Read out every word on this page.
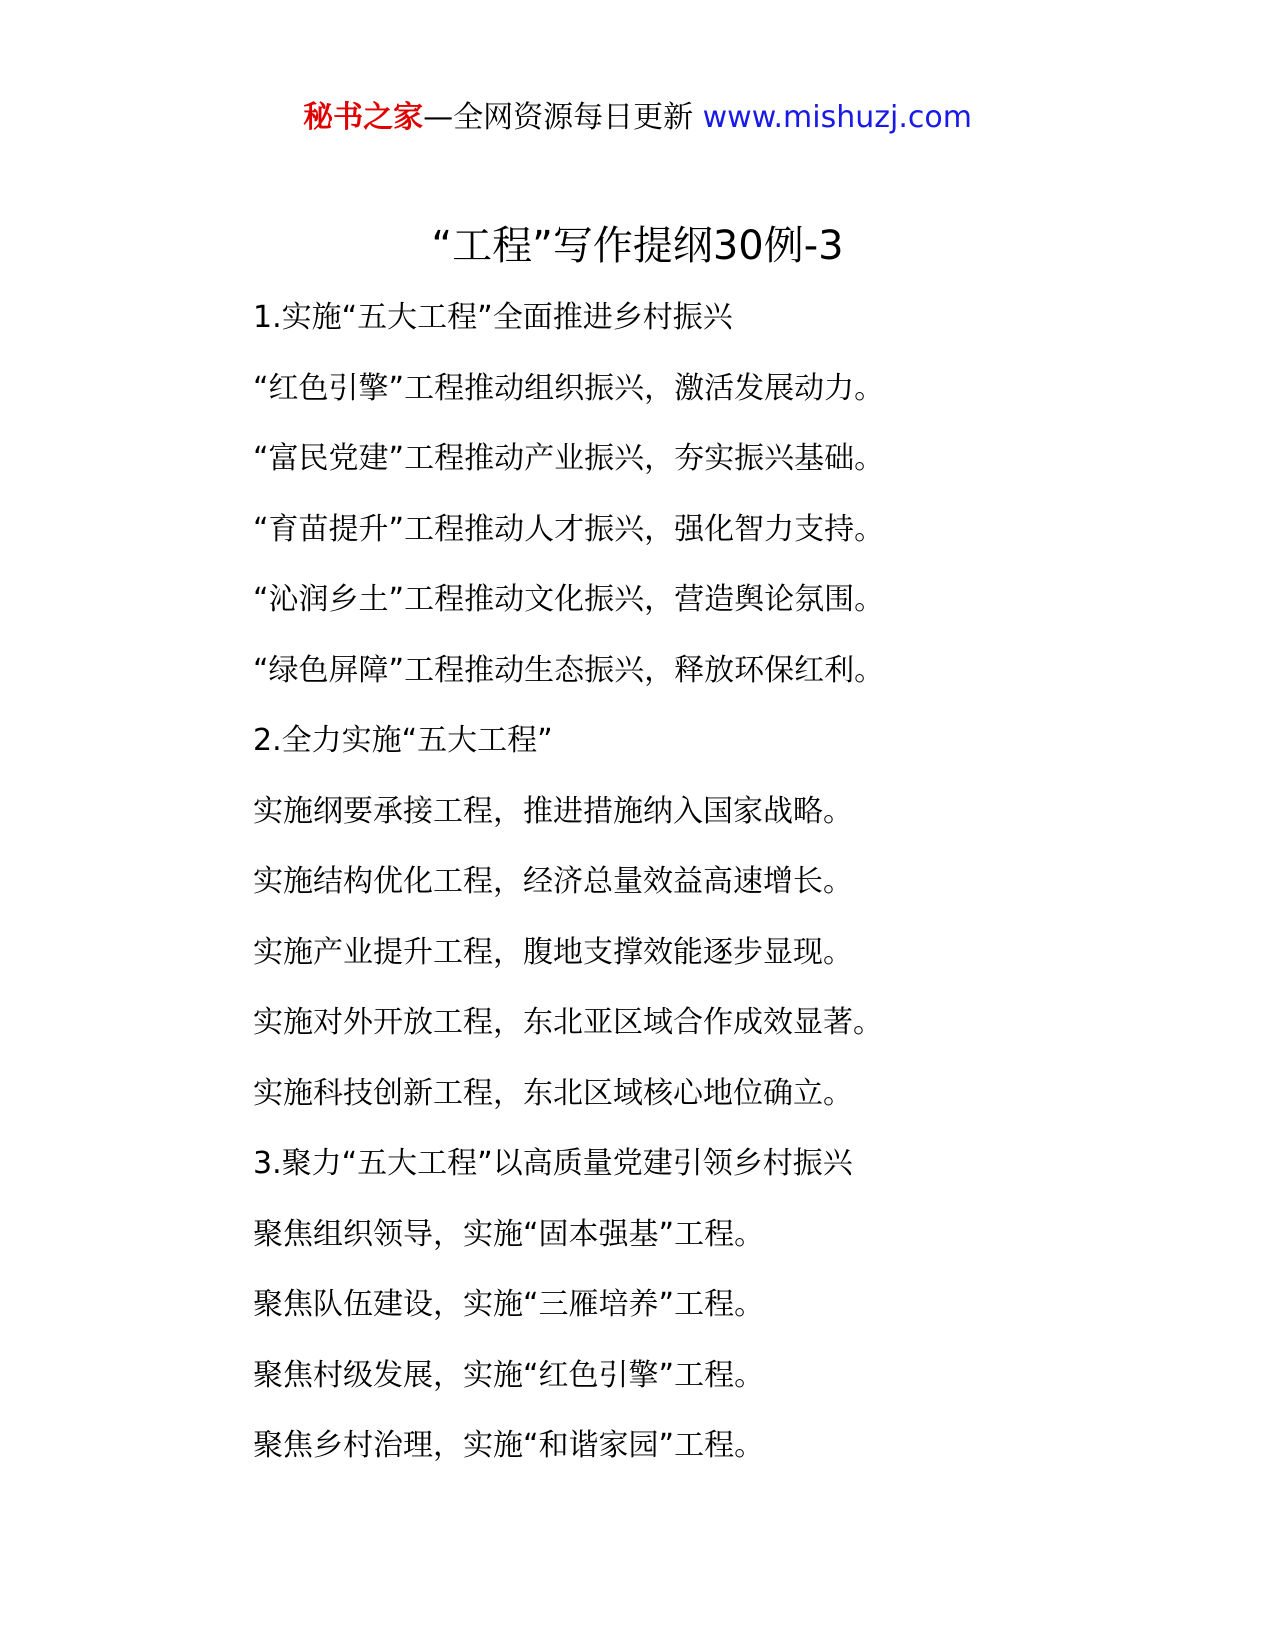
秘书之家—全网资源每日更新 www.mishuzj.com
“工程”写作提纲30例-3
1.实施“五大工程”全面推进乡村振兴
“红色引擎”工程推动组织振兴，激活发展动力。
“富民党建”工程推动产业振兴，夯实振兴基础。
“育苗提升”工程推动人才振兴，强化智力支持。
“沁润乡土”工程推动文化振兴，营造舆论氛围。
“绿色屏障”工程推动生态振兴，释放环保红利。
2.全力实施“五大工程”
实施纲要承接工程，推进措施纳入国家战略。
实施结构优化工程，经济总量效益高速增长。
实施产业提升工程，腹地支撑效能逐步显现。
实施对外开放工程，东北亚区域合作成效显著。
实施科技创新工程，东北区域核心地位确立。
3.聚力“五大工程”以高质量党建引领乡村振兴
聚焦组织领导，实施“固本强基”工程。
聚焦队伍建设，实施“三雁培养”工程。
聚焦村级发展，实施“红色引擎”工程。
聚焦乡村治理，实施“和谐家园”工程。
